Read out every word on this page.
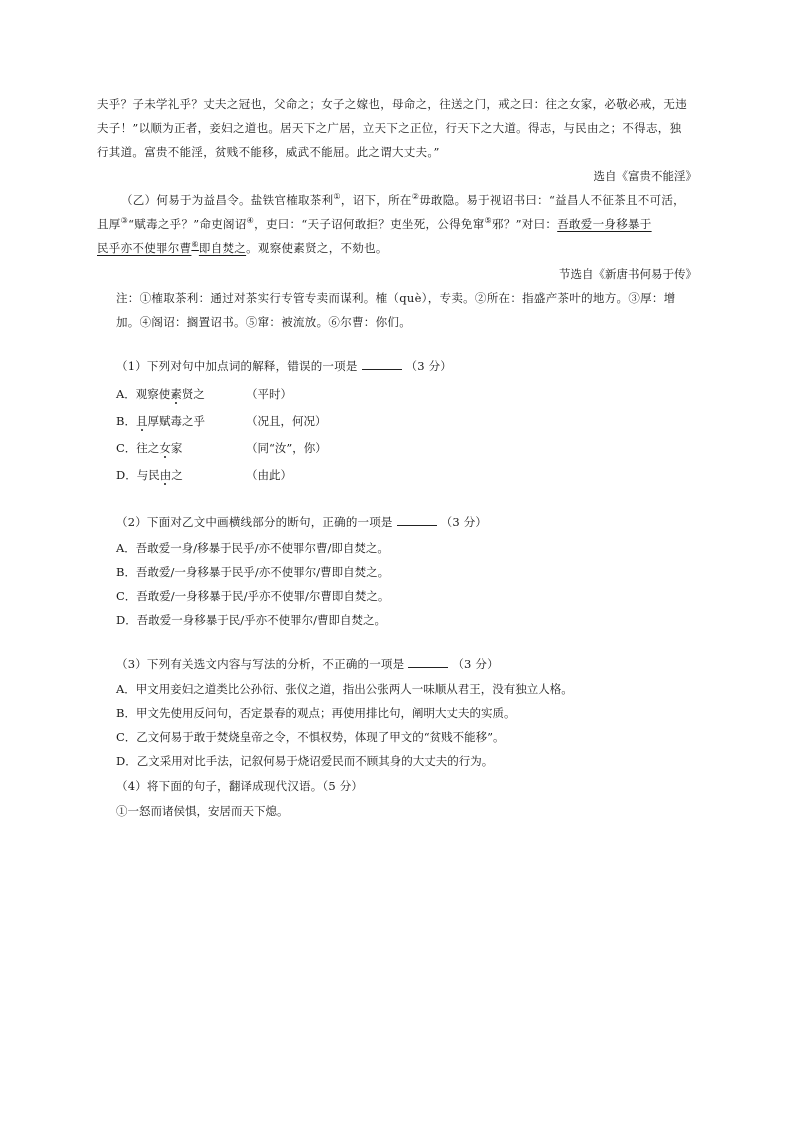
夫乎？子未学礼乎？丈夫之冠也，父命之；女子之嫁也，母命之，往送之门，戒之曰：往之女家，必敬必戒，无违
夫子！”以顺为正者，妾妇之道也。居天下之广居，立天下之正位，行天下之大道。得志，与民由之；不得志，独
行其道。富贵不能淫，贫贱不能移，威武不能屈。此之谓大丈夫。”
选自《富贵不能淫》
（乙）何易于为益昌令。盐铁官榷取茶利①，诏下，所在②毋敢隐。易于视诏书曰：“益昌人不征茶且不可活，
且厚③“赋毒之乎？”命吏阁诏④，吏曰：“天子诏何敢拒？吏坐死，公得免窜⑤邪？”对曰：吾敢爱一身移暴于
民乎亦不使罪尔曹⑥即自焚之。观察使素贤之，不劾也。
节选自《新唐书何易于传》
注：①榷取茶利：通过对茶实行专管专卖而谋利。榷（què），专卖。②所在：指盛产茶叶的地方。③厚：增
加。④阁诏：搁置诏书。⑤窜：被流放。⑥尔曹：你们。
（1）下列对句中加点词的解释，错误的一项是	（3 分）
A．观察使素贤之	（平时）
B．且厚赋毒之乎	（况且，何况）
C．往之女家	（同“汝”，你）
D．与民由之	（由此）
（2）下面对乙文中画横线部分的断句，正确的一项是	（3 分）
A．吾敢爱一身/移暴于民乎/亦不使罪尔曹/即自焚之。
B．吾敢爱/一身移暴于民乎/亦不使罪尔/曹即自焚之。
C．吾敢爱/一身移暴于民/乎亦不使罪/尔曹即自焚之。
D．吾敢爱一身移暴于民/乎亦不使罪尔/曹即自焚之。
（3）下列有关选文内容与写法的分析，不正确的一项是	（3 分）
A．甲文用妾妇之道类比公孙衍、张仪之道，指出公张两人一味顺从君王，没有独立人格。
B．甲文先使用反问句，否定景春的观点；再使用排比句，阐明大丈夫的实质。
C．乙文何易于敢于焚烧皇帝之令，不惧权势，体现了甲文的“贫贱不能移”。
D．乙文采用对比手法，记叙何易于烧诏爱民而不顾其身的大丈夫的行为。
（4）将下面的句子，翻译成现代汉语。（5 分）
①一怒而诸侯惧，安居而天下熄。
